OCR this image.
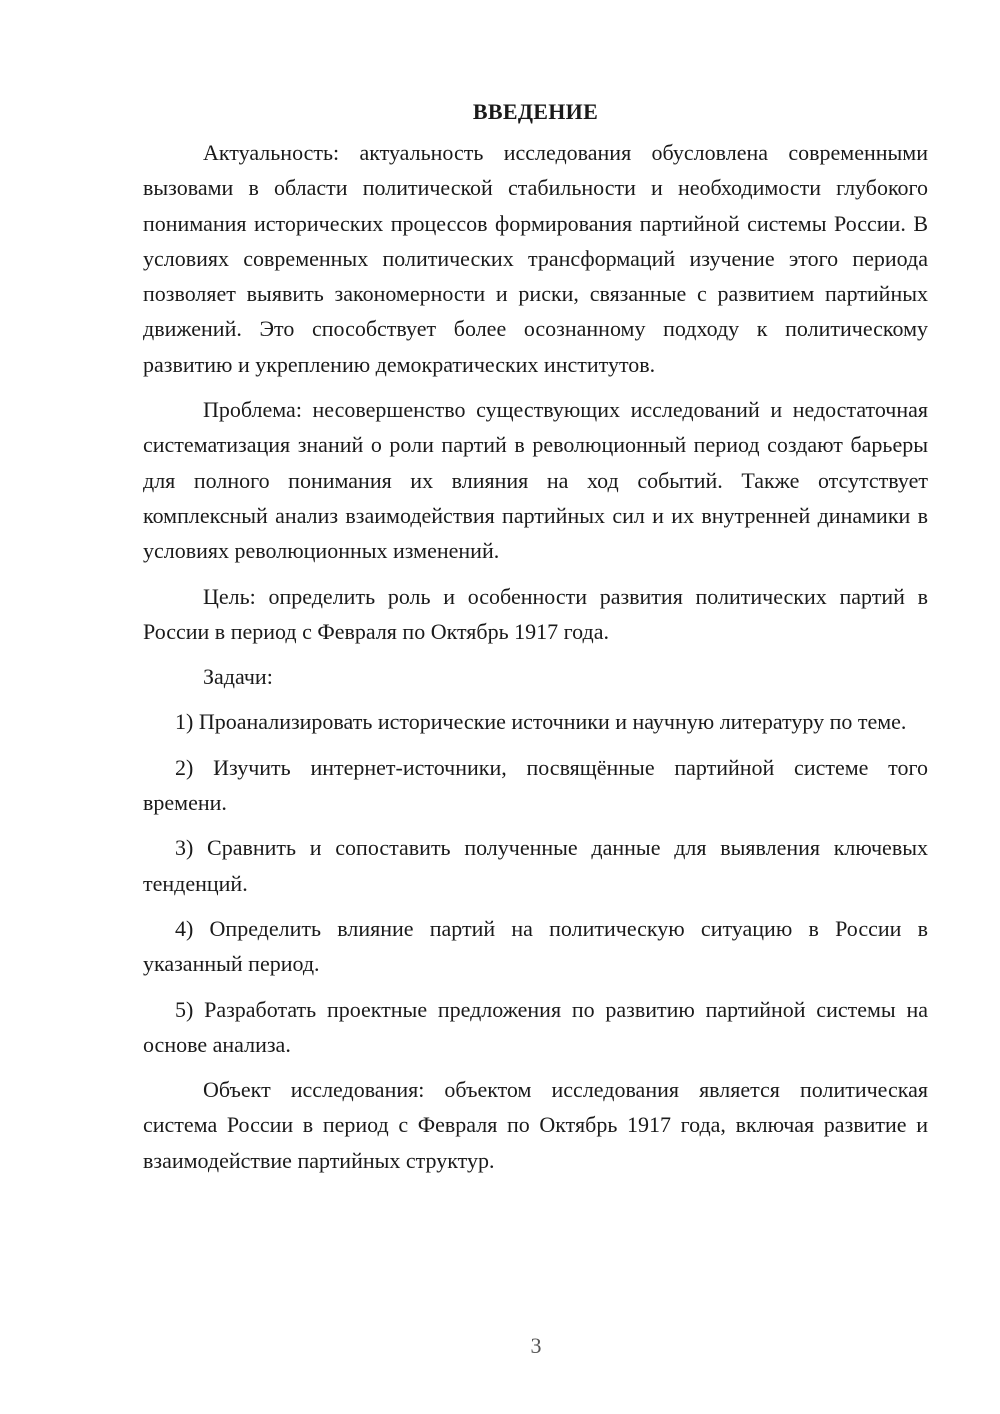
ВВЕДЕНИЕ

Актуальность: актуальность исследования обусловлена современными вызовами в области политической стабильности и необходимости глубокого понимания исторических процессов формирования партийной системы России. В условиях современных политических трансформаций изучение этого периода позволяет выявить закономерности и риски, связанные с развитием партийных движений. Это способствует более осознанному подходу к политическому развитию и укреплению демократических институтов.

Проблема: несовершенство существующих исследований и недостаточная систематизация знаний о роли партий в революционный период создают барьеры для полного понимания их влияния на ход событий. Также отсутствует комплексный анализ взаимодействия партийных сил и их внутренней динамики в условиях революционных изменений.

Цель: определить роль и особенности развития политических партий в России в период с Февраля по Октябрь 1917 года.

Задачи:

1) Проанализировать исторические источники и научную литературу по теме.

2) Изучить интернет-источники, посвящённые партийной системе того времени.

3) Сравнить и сопоставить полученные данные для выявления ключевых тенденций.

4) Определить влияние партий на политическую ситуацию в России в указанный период.

5) Разработать проектные предложения по развитию партийной системы на основе анализа.

Объект исследования: объектом исследования является политическая система России в период с Февраля по Октябрь 1917 года, включая развитие и взаимодействие партийных структур.

3
